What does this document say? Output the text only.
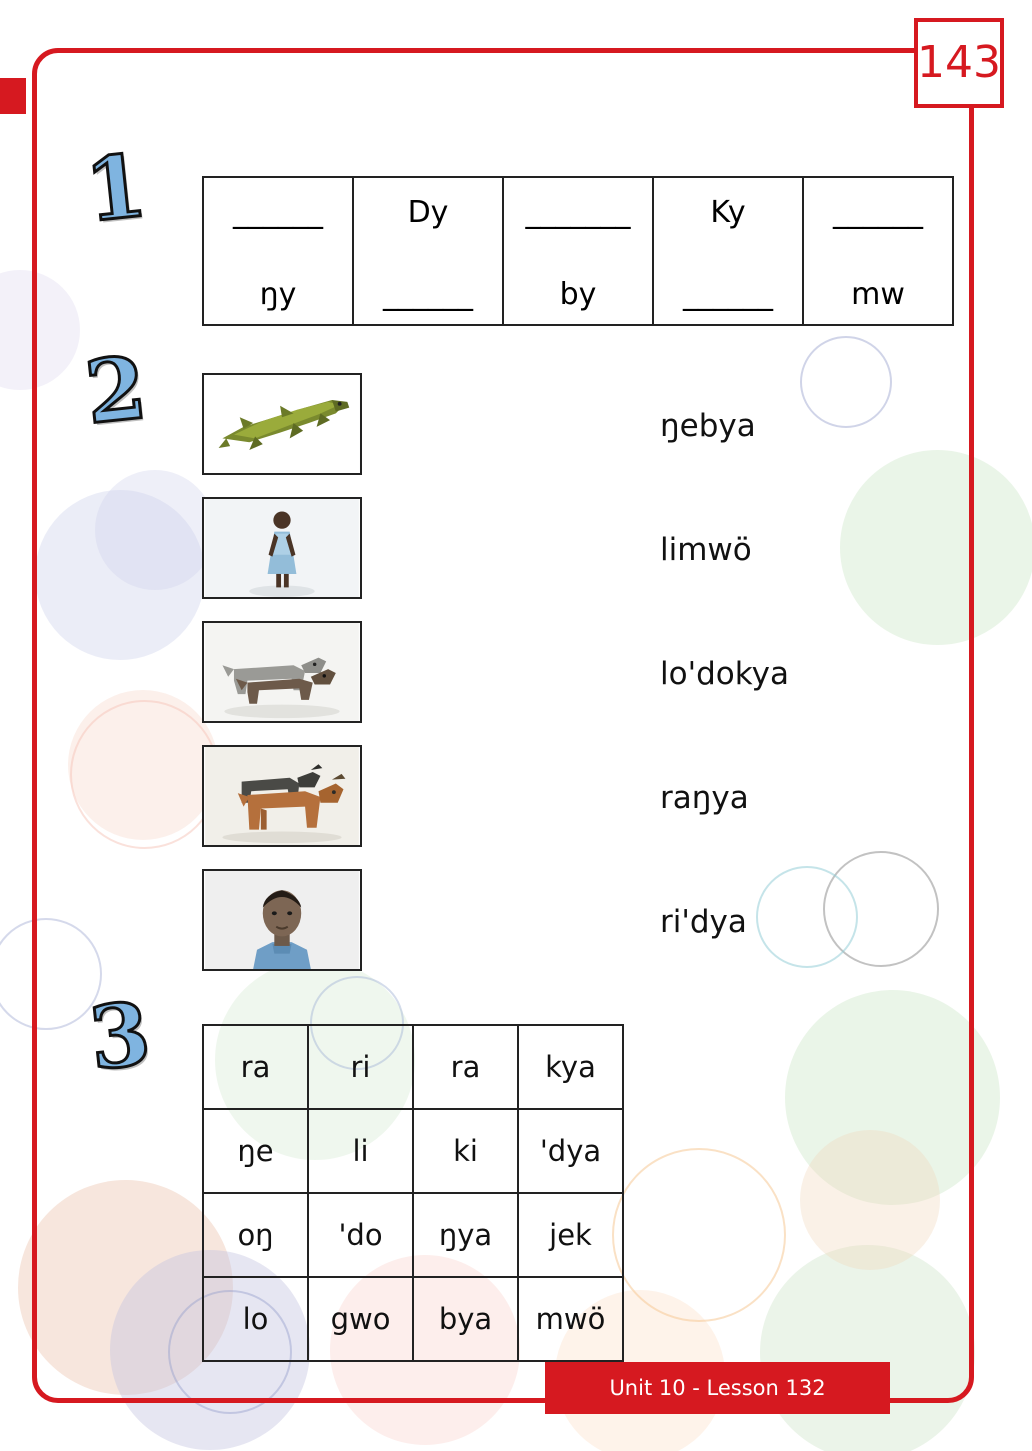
143
1	______
ŋy

Dy
______

_______
by

Ky
______

______
mw
2	ŋebya
limwö
lo'dokya
raŋya
ri'dya
3	ra	ri	ra	kya
ŋe	li	ki	'dya
oŋ	'do	ŋya	jek
lo	gwo	bya	mwö
Unit 10 - Lesson 132
